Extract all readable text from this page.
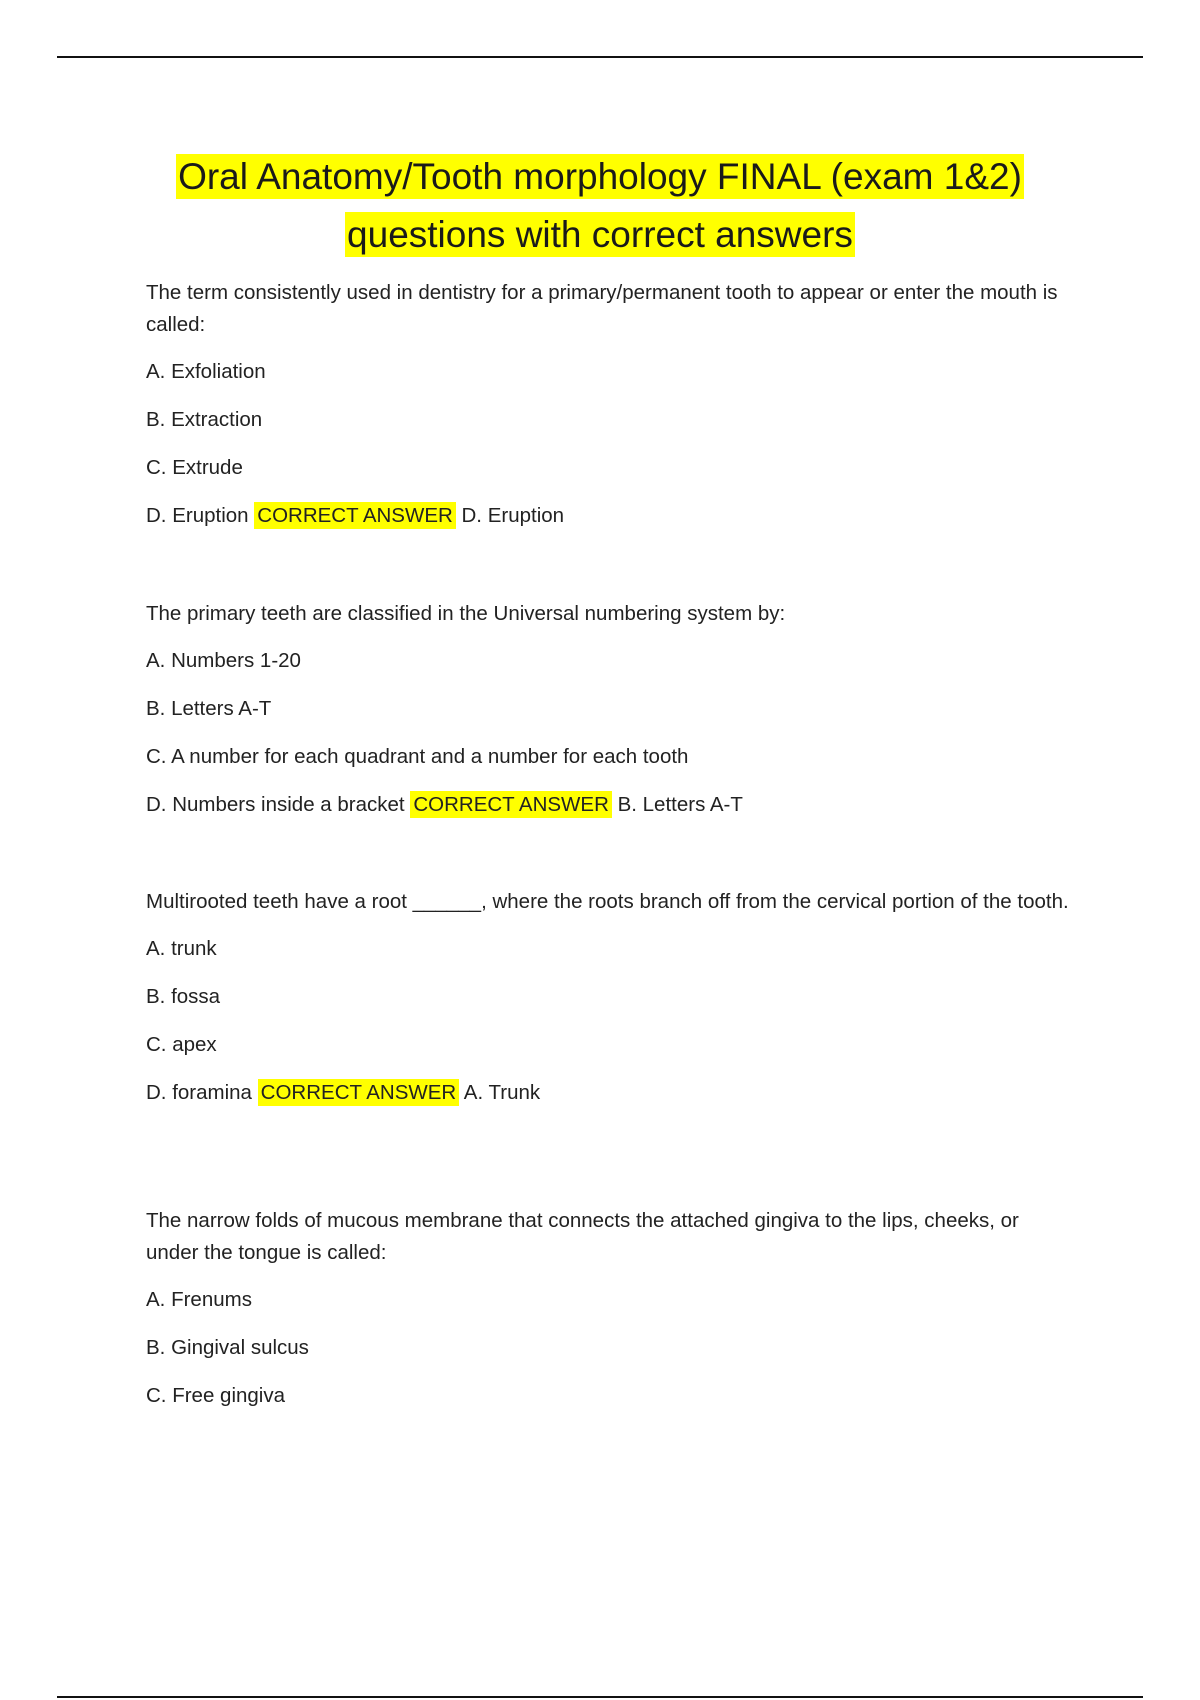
Oral Anatomy/Tooth morphology FINAL (exam 1&2)
questions with correct answers

The term consistently used in dentistry for a primary/permanent tooth to appear or enter the mouth is called:

A. Exfoliation
B. Extraction
C. Extrude
D. Eruption CORRECT ANSWER D. Eruption

The primary teeth are classified in the Universal numbering system by:

A. Numbers 1-20
B. Letters A-T
C. A number for each quadrant and a number for each tooth
D. Numbers inside a bracket CORRECT ANSWER B. Letters A-T

Multirooted teeth have a root ______, where the roots branch off from the cervical portion of the tooth.

A. trunk
B. fossa
C. apex
D. foramina CORRECT ANSWER A. Trunk

The narrow folds of mucous membrane that connects the attached gingiva to the lips, cheeks, or under the tongue is called:

A. Frenums
B. Gingival sulcus
C. Free gingiva
